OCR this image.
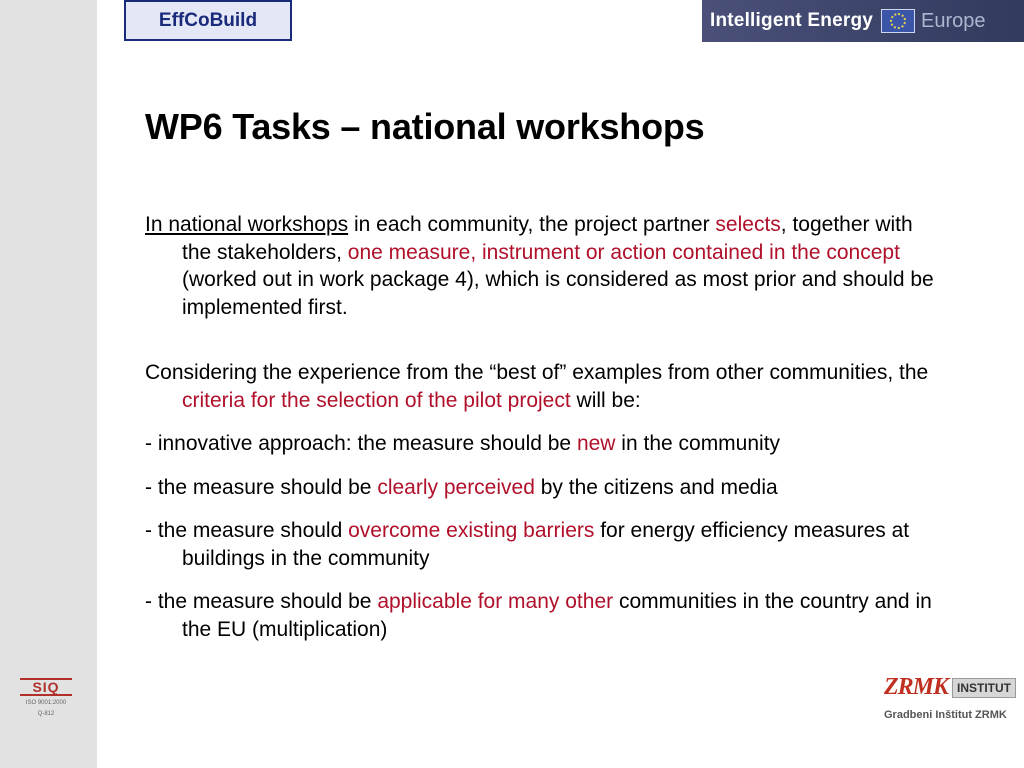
EffCoBuild	Intelligent Energy Europe
WP6 Tasks – national workshops

In national workshops in each community, the project partner selects, together with the stakeholders, one measure, instrument or action contained in the concept (worked out in work package 4), which is considered as most prior and should be implemented first.

Considering the experience from the “best of” examples from other communities, the criteria for the selection of the pilot project will be:

- innovative approach: the measure should be new in the community

- the measure should be clearly perceived by the citizens and media

- the measure should overcome existing barriers for energy efficiency measures at buildings in the community

- the measure should be applicable for many other communities in the country and in the EU (multiplication)

SIQ
ISO 9001:2000
Q-812
ZRMK INSTITUT
Gradbeni Inštitut ZRMK
